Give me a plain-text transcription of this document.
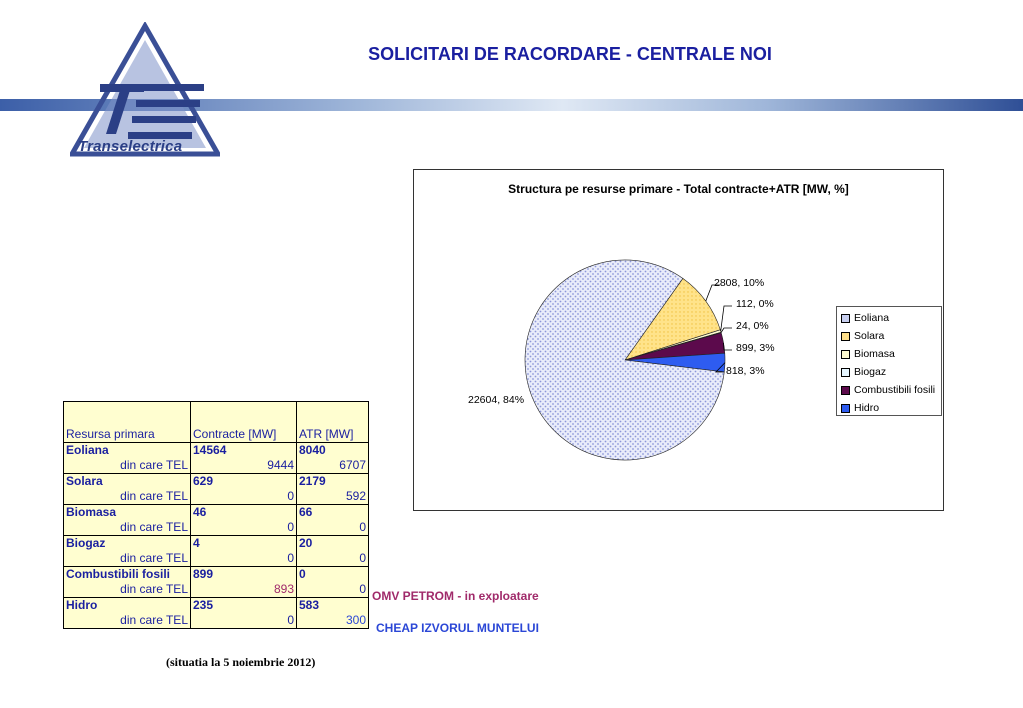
Transelectrica
SOLICITARI DE RACORDARE - CENTRALE NOI
Structura pe resurse primare - Total contracte+ATR [MW, %]
2808, 10%
112, 0%
24, 0%
899, 3%
818, 3%
22604, 84%
Eoliana
Solara
Biomasa
Biogaz
Combustibili fosili
Hidro
Resursa primara	Contracte [MW]	ATR [MW]
Eoliana	14564	8040
din care TEL	9444	6707
Solara	629	2179
din care TEL	0	592
Biomasa	46	66
din care TEL	0	0
Biogaz	4	20
din care TEL	0	0
Combustibili fosili	899	0
din care TEL	893	0
Hidro	235	583
din care TEL	0	300
OMV PETROM - in exploatare
CHEAP IZVORUL MUNTELUI
(situatia la 5 noiembrie 2012)
